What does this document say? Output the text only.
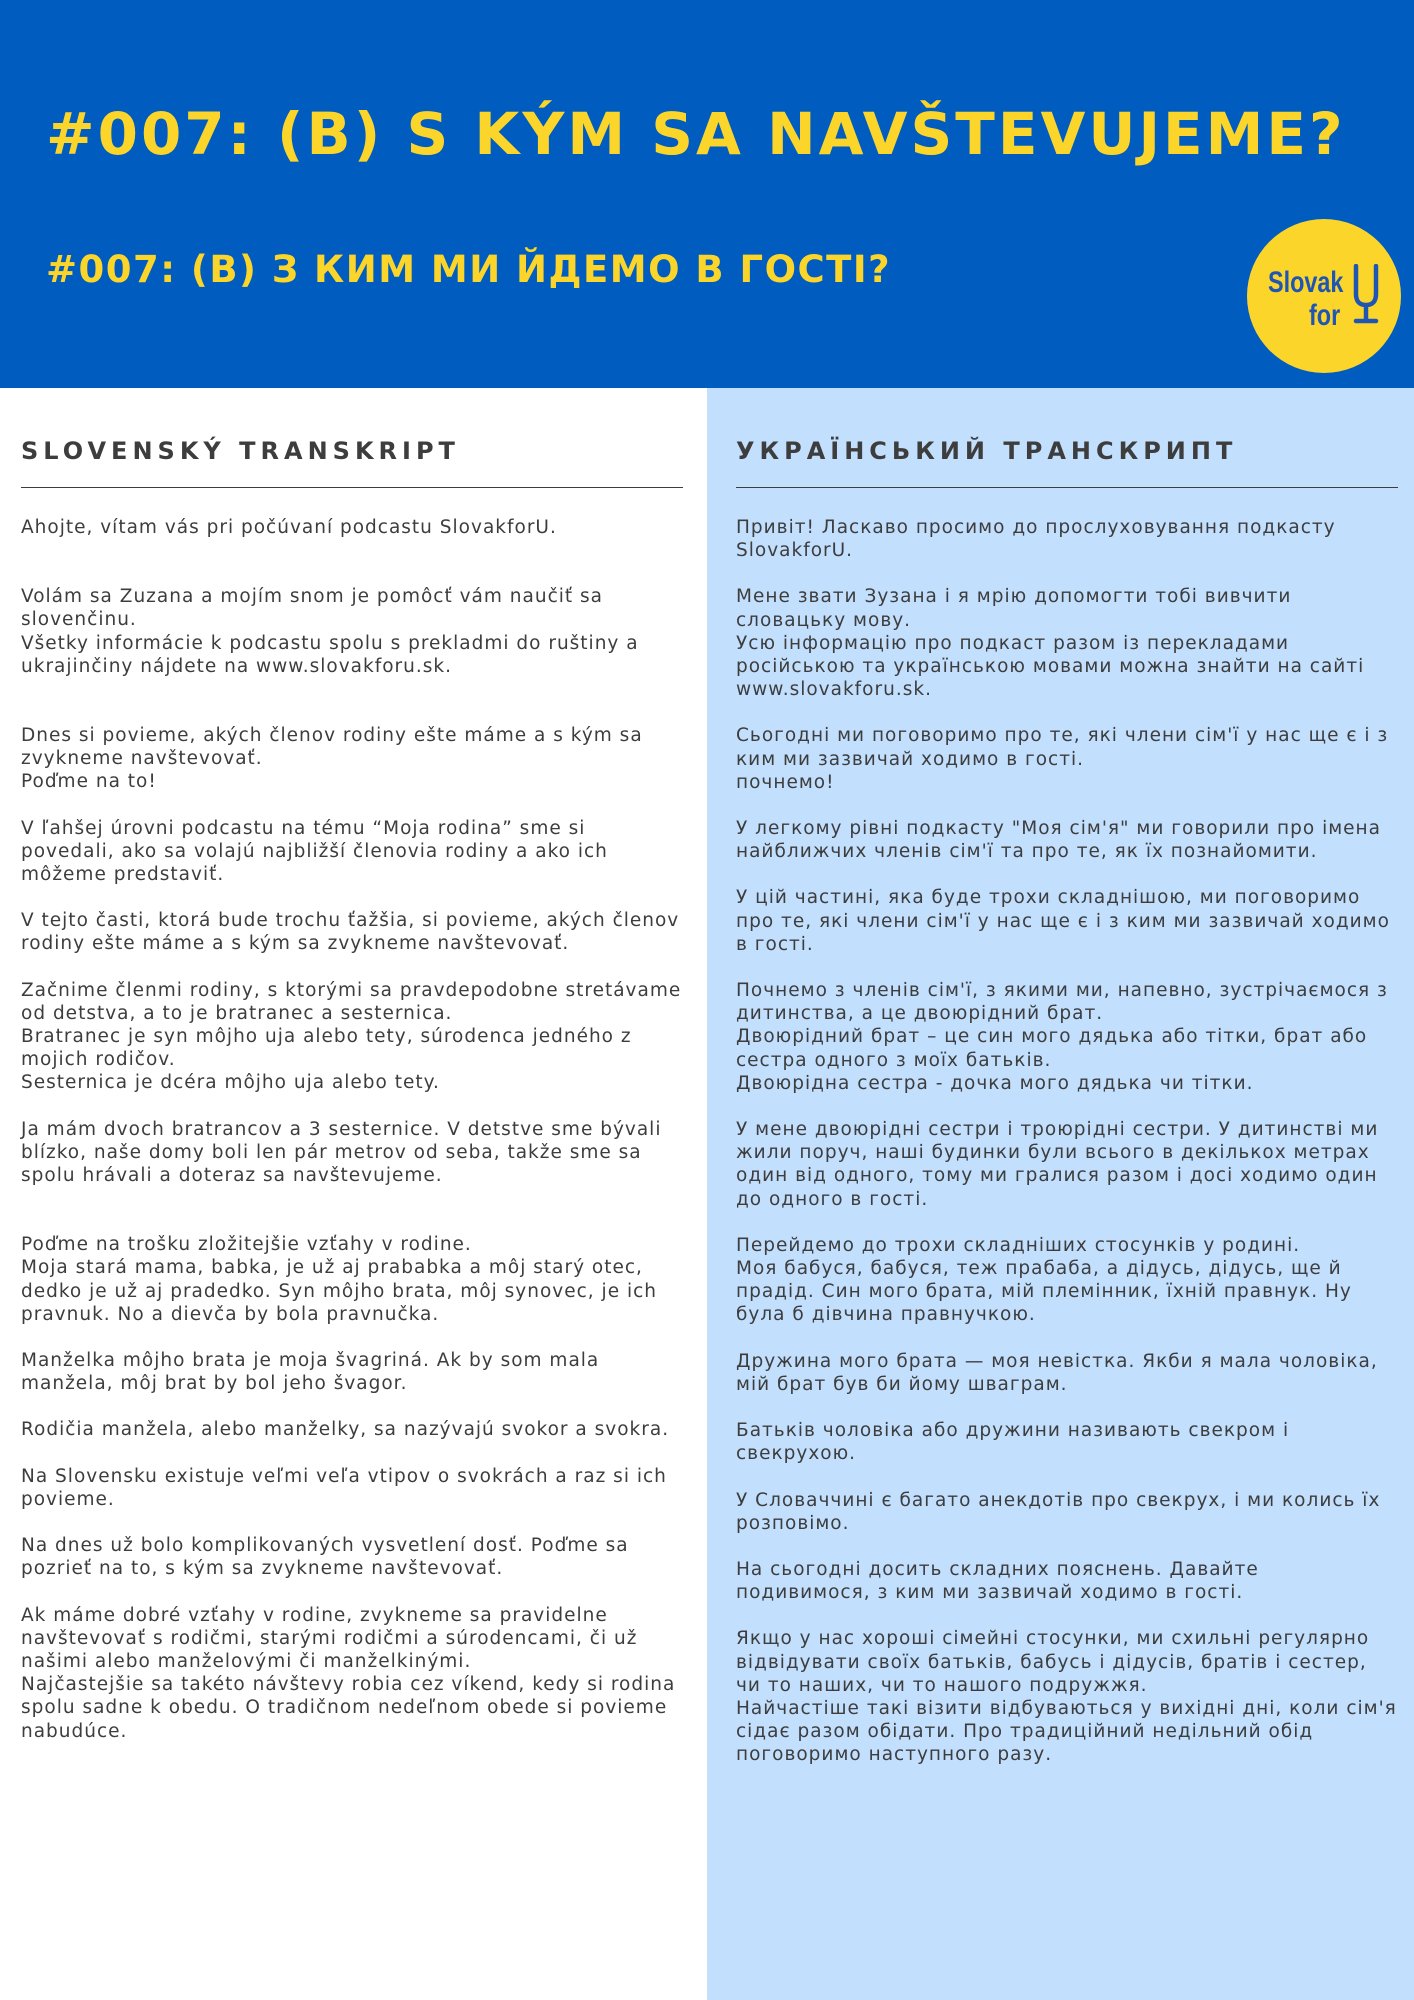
#007: (B) S KÝM SA NAVŠTEVUJEME?
#007: (B) З КИМ МИ ЙДЕМО В ГОСТІ?	Slovak
for
SLOVENSKÝ TRANSKRIPT

Ahojte, vítam vás pri počúvaní podcastu SlovakforU.

Volám sa Zuzana a mojím snom je pomôcť vám naučiť sa slovenčinu.
Všetky informácie k podcastu spolu s prekladmi do ruštiny a ukrajinčiny nájdete na www.slovakforu.sk.

Dnes si povieme, akých členov rodiny ešte máme a s kým sa zvykneme navštevovať.
Poďme na to!

V ľahšej úrovni podcastu na tému “Moja rodina” sme si povedali, ako sa volajú najbližší členovia rodiny a ako ich môžeme predstaviť.

V tejto časti, ktorá bude trochu ťažšia, si povieme, akých členov rodiny ešte máme a s kým sa zvykneme navštevovať.

Začnime členmi rodiny, s ktorými sa pravdepodobne stretávame od detstva, a to je bratranec a sesternica.
Bratranec je syn môjho uja alebo tety, súrodenca jedného z mojich rodičov.
Sesternica je dcéra môjho uja alebo tety.

Ja mám dvoch bratrancov a 3 sesternice. V detstve sme bývali blízko, naše domy boli len pár metrov od seba, takže sme sa spolu hrávali a doteraz sa navštevujeme.

Poďme na trošku zložitejšie vzťahy v rodine.
Moja stará mama, babka, je už aj prababka a môj starý otec, dedko je už aj pradedko. Syn môjho brata, môj synovec, je ich pravnuk. No a dievča by bola pravnučka.

Manželka môjho brata je moja švagriná. Ak by som mala manžela, môj brat by bol jeho švagor.

Rodičia manžela, alebo manželky, sa nazývajú svokor a svokra.

Na Slovensku existuje veľmi veľa vtipov o svokrách a raz si ich povieme.

Na dnes už bolo komplikovaných vysvetlení dosť. Poďme sa pozrieť na to, s kým sa zvykneme navštevovať.

Ak máme dobré vzťahy v rodine, zvykneme sa pravidelne navštevovať s rodičmi, starými rodičmi a súrodencami, či už našimi alebo manželovými či manželkinými.
Najčastejšie sa takéto návštevy robia cez víkend, kedy si rodina spolu sadne k obedu. O tradičnom nedeľnom obede si povieme nabudúce.

УКРАЇНСЬКИЙ ТРАНСКРИПТ

Привіт! Ласкаво просимо до прослуховування подкасту SlovakforU.

Мене звати Зузана і я мрію допомогти тобі вивчити словацьку мову.
Усю інформацію про подкаст разом із перекладами російською та українською мовами можна знайти на сайті www.slovakforu.sk.

Сьогодні ми поговоримо про те, які члени сім'ї у нас ще є і з ким ми зазвичай ходимо в гості.
почнемо!

У легкому рівні подкасту "Моя сім'я" ми говорили про імена найближчих членів сім'ї та про те, як їх познайомити.

У цій частині, яка буде трохи складнішою, ми поговоримо про те, які члени сім'ї у нас ще є і з ким ми зазвичай ходимо в гості.

Почнемо з членів сім'ї, з якими ми, напевно, зустрічаємося з дитинства, а це двоюрідний брат.
Двоюрідний брат – це син мого дядька або тітки, брат або сестра одного з моїх батьків.
Двоюрідна сестра - дочка мого дядька чи тітки.

У мене двоюрідні сестри і троюрідні сестри. У дитинстві ми жили поруч, наші будинки були всього в декількох метрах один від одного, тому ми гралися разом і досі ходимо один до одного в гості.

Перейдемо до трохи складніших стосунків у родині.
Моя бабуся, бабуся, теж прабаба, а дідусь, дідусь, ще й прадід. Син мого брата, мій племінник, їхній правнук. Ну була б дівчина правнучкою.

Дружина мого брата — моя невістка. Якби я мала чоловіка, мій брат був би йому шваграм.

Батьків чоловіка або дружини називають свекром і свекрухою.

У Словаччині є багато анекдотів про свекрух, і ми колись їх розповімо.

На сьогодні досить складних пояснень. Давайте подивимося, з ким ми зазвичай ходимо в гості.

Якщо у нас хороші сімейні стосунки, ми схильні регулярно відвідувати своїх батьків, бабусь і дідусів, братів і сестер, чи то наших, чи то нашого подружжя.
Найчастіше такі візити відбуваються у вихідні дні, коли сім'я сідає разом обідати. Про традиційний недільний обід поговоримо наступного разу.
